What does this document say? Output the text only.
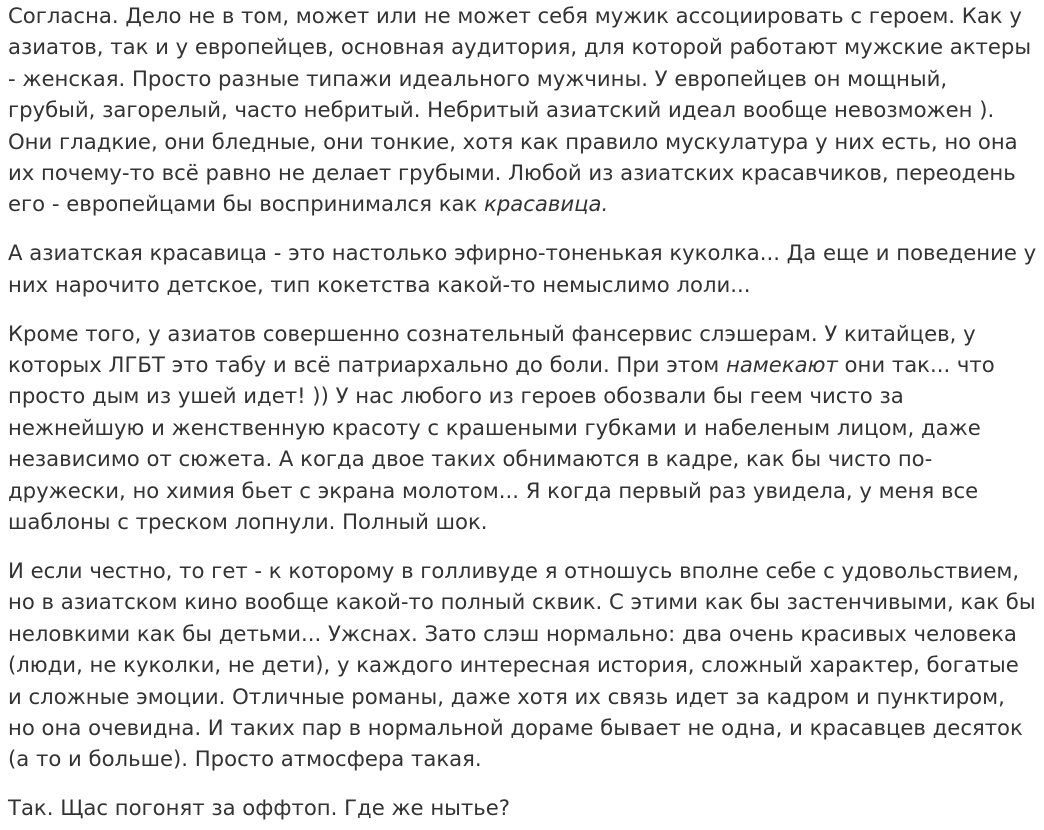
Согласна. Дело не в том, может или не может себя мужик ассоциировать с героем. Как у азиатов, так и у европейцев, основная аудитория, для которой работают мужские актеры - женская. Просто разные типажи идеального мужчины. У европейцев он мощный, грубый, загорелый, часто небритый. Небритый азиатский идеал вообще невозможен ). Они гладкие, они бледные, они тонкие, хотя как правило мускулатура у них есть, но она их почему-то всё равно не делает грубыми. Любой из азиатских красавчиков, переодень его - европейцами бы воспринимался как красавица.

А азиатская красавица - это настолько эфирно-тоненькая куколка... Да еще и поведение у них нарочито детское, тип кокетства какой-то немыслимо лоли...

Кроме того, у азиатов совершенно сознательный фансервис слэшерам. У китайцев, у которых ЛГБТ это табу и всё патриархально до боли. При этом намекают они так... что просто дым из ушей идет! )) У нас любого из героев обозвали бы геем чисто за нежнейшую и женственную красоту с крашеными губками и набеленым лицом, даже независимо от сюжета. А когда двое таких обнимаются в кадре, как бы чисто по-дружески, но химия бьет с экрана молотом... Я когда первый раз увидела, у меня все шаблоны с треском лопнули. Полный шок.

И если честно, то гет - к которому в голливуде я отношусь вполне себе с удовольствием, но в азиатском кино вообще какой-то полный сквик. С этими как бы застенчивыми, как бы неловкими как бы детьми... Ужснах. Зато слэш нормально: два очень красивых человека (люди, не куколки, не дети), у каждого интересная история, сложный характер, богатые и сложные эмоции. Отличные романы, даже хотя их связь идет за кадром и пунктиром, но она очевидна. И таких пар в нормальной дораме бывает не одна, и красавцев десяток (а то и больше). Просто атмосфера такая.

Так. Щас погонят за оффтоп. Где же нытье?
